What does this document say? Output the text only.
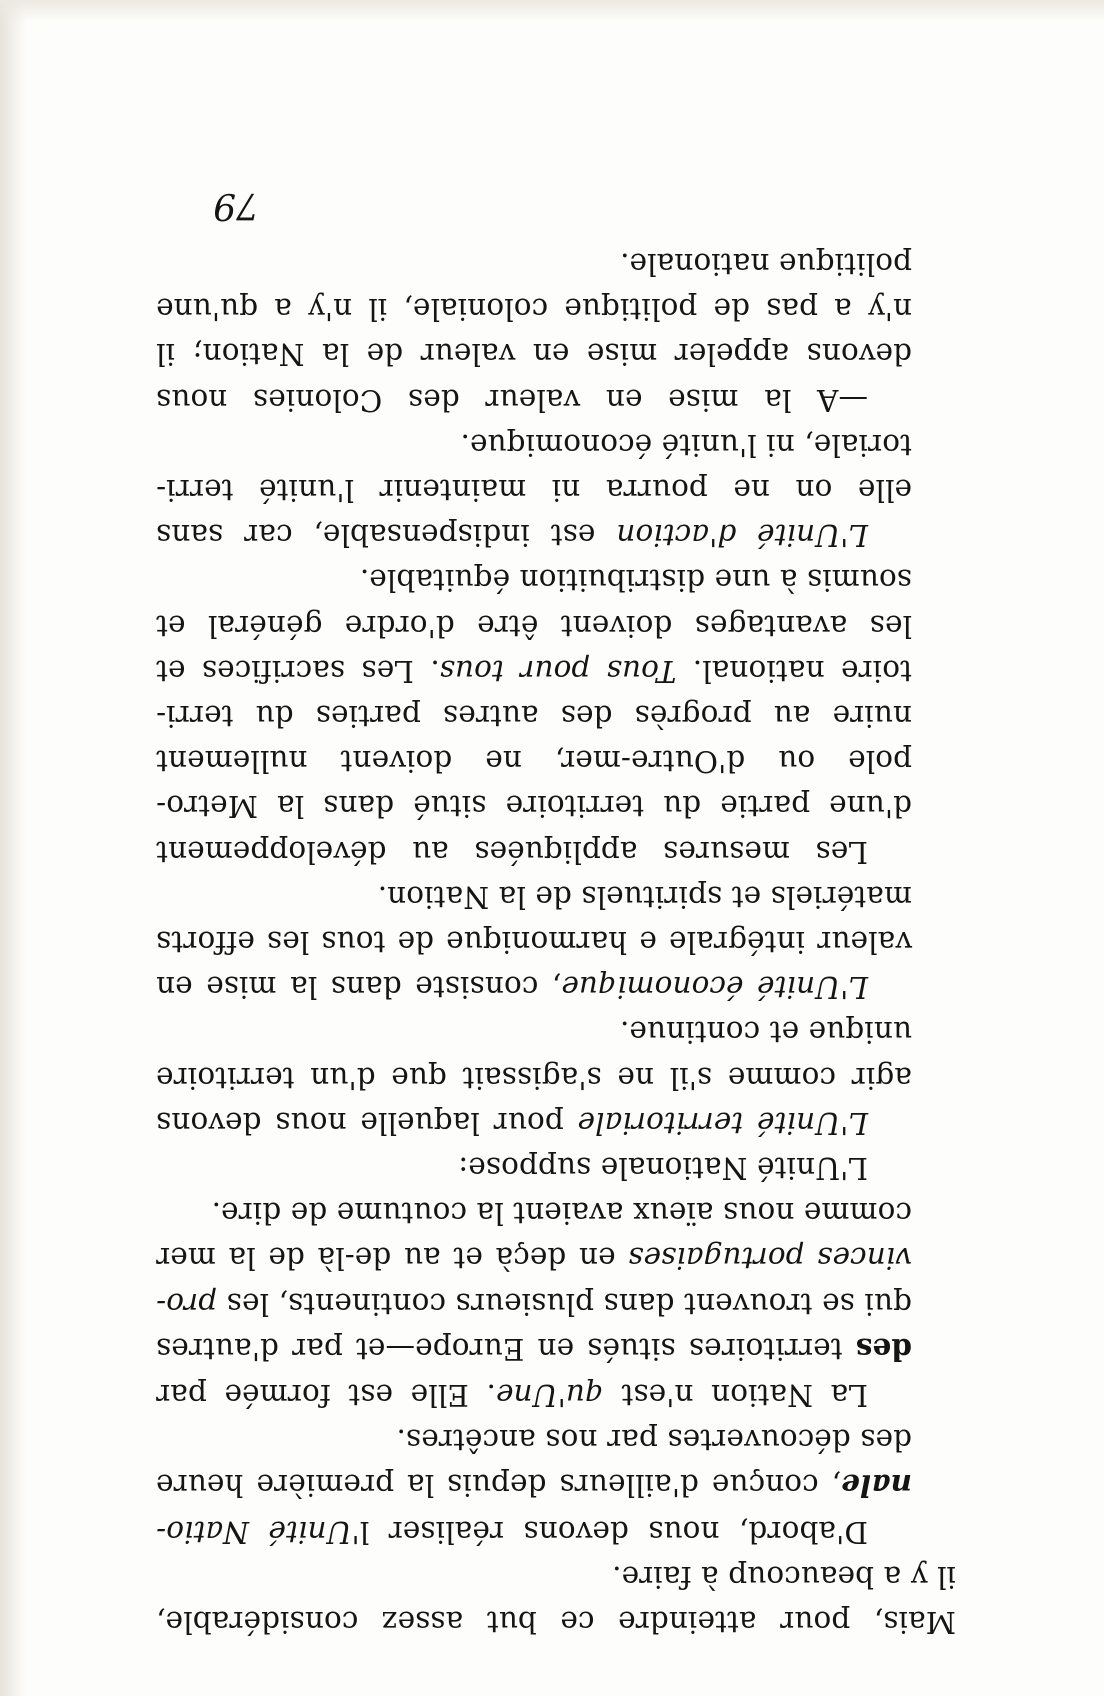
Mais, pour atteindre ce but assez considérable,
il y a beaucoup à faire.
D'abord, nous devons réaliser l'Unité Natio-
nale, conçue d'ailleurs depuis la première heure
des découvertes par nos ancêtres.
La Nation n'est qu'Une. Elle est formée par
des territoires situés en Europe—et par d'autres
qui se trouvent dans plusieurs continents, les pro-
vinces portugaises en deçà et au de-là de la mer
comme nous aïeux avaient la coutume de dire.
L'Unité Nationale suppose:
L'Unité territoriale pour laquelle nous devons
agir comme s'il ne s'agissait que d'un territoire
unique et continue.
L'Unité économique, consiste dans la mise en
valeur intégrale e harmonique de tous les efforts
matériels et spirituels de la Nation.
Les mesures appliquées au développement
d'une partie du territoire situé dans la Metro-
pole ou d'Outre-mer, ne doivent nullement
nuire au progrès des autres parties du terri-
toire national. Tous pour tous. Les sacrifices et
les avantages doivent être d'ordre général et
soumis à une distribuition équitable.
L'Unité d'action est indispensable, car sans
elle on ne pourra ni maintenir l'unité terri-
toriale, ni l'unité économique.
—A la mise en valeur des Colonies nous
devons appeler mise en valeur de la Nation; il
n'y a pas de politique coloniale, il n'y a qu'une
politique nationale.
79
